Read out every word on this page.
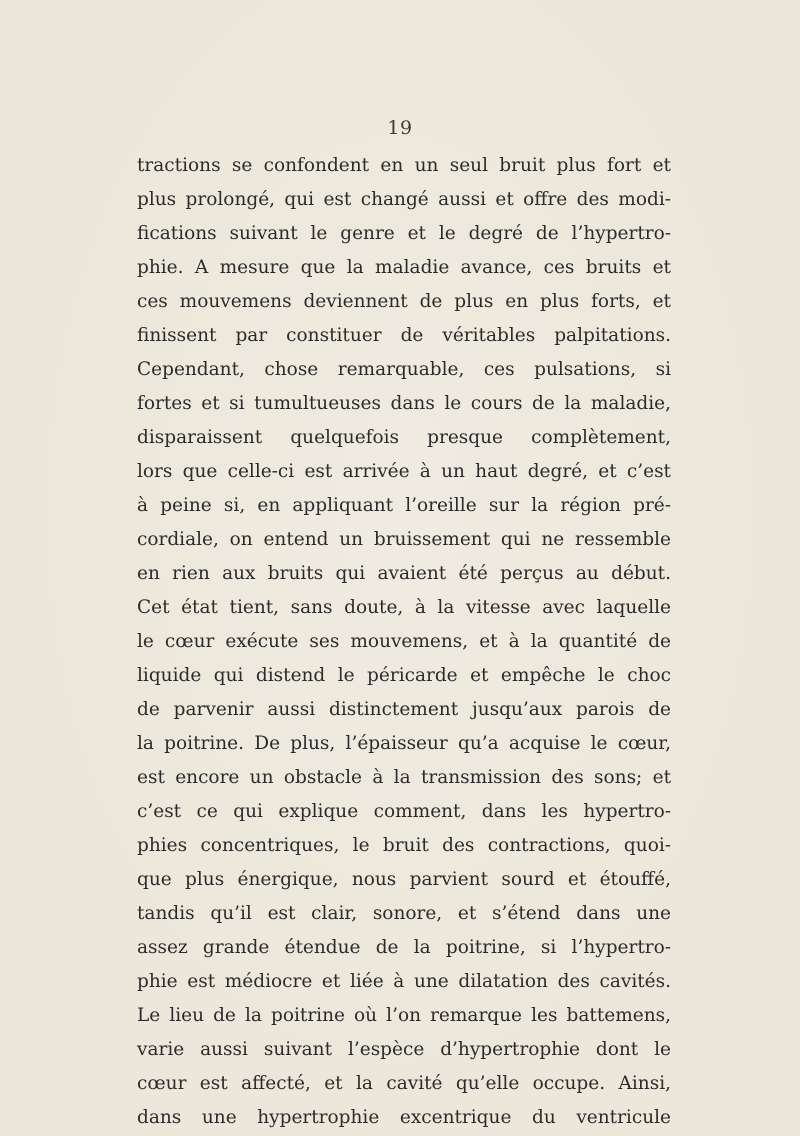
19
tractions se confondent en un seul bruit plus fort et
plus prolongé, qui est changé aussi et offre des modi-
fications suivant le genre et le degré de l’hypertro-
phie. A mesure que la maladie avance, ces bruits et
ces mouvemens deviennent de plus en plus forts, et
finissent par constituer de véritables palpitations.
Cependant, chose remarquable, ces pulsations, si
fortes et si tumultueuses dans le cours de la maladie,
disparaissent quelquefois presque complètement,
lors que celle-ci est arrivée à un haut degré, et c’est
à peine si, en appliquant l’oreille sur la région pré-
cordiale, on entend un bruissement qui ne ressemble
en rien aux bruits qui avaient été perçus au début.
Cet état tient, sans doute, à la vitesse avec laquelle
le cœur exécute ses mouvemens, et à la quantité de
liquide qui distend le péricarde et empêche le choc
de parvenir aussi distinctement jusqu’aux parois de
la poitrine. De plus, l’épaisseur qu’a acquise le cœur,
est encore un obstacle à la transmission des sons; et
c’est ce qui explique comment, dans les hypertro-
phies concentriques, le bruit des contractions, quoi-
que plus énergique, nous parvient sourd et étouffé,
tandis qu’il est clair, sonore, et s’étend dans une
assez grande étendue de la poitrine, si l’hypertro-
phie est médiocre et liée à une dilatation des cavités.
Le lieu de la poitrine où l’on remarque les battemens,
varie aussi suivant l’espèce d’hypertrophie dont le
cœur est affecté, et la cavité qu’elle occupe. Ainsi,
dans une hypertrophie excentrique du ventricule
